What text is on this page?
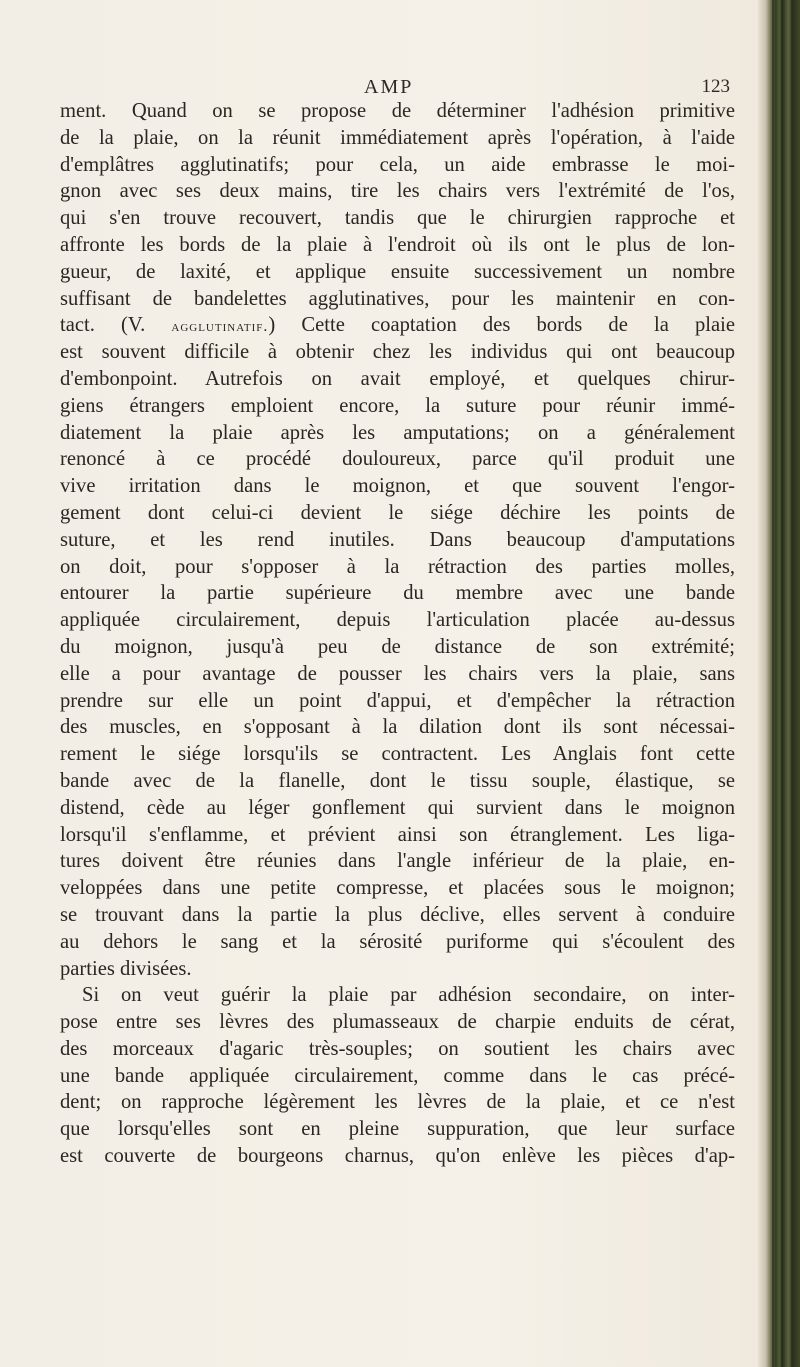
AMP	123
ment. Quand on se propose de déterminer l'adhésion primitive
de la plaie, on la réunit immédiatement après l'opération, à l'aide
d'emplâtres agglutinatifs; pour cela, un aide embrasse le moi-
gnon avec ses deux mains, tire les chairs vers l'extrémité de l'os,
qui s'en trouve recouvert, tandis que le chirurgien rapproche et
affronte les bords de la plaie à l'endroit où ils ont le plus de lon-
gueur, de laxité, et applique ensuite successivement un nombre
suffisant de bandelettes agglutinatives, pour les maintenir en con-
tact. (V. agglutinatif.) Cette coaptation des bords de la plaie
est souvent difficile à obtenir chez les individus qui ont beaucoup
d'embonpoint. Autrefois on avait employé, et quelques chirur-
giens étrangers emploient encore, la suture pour réunir immé-
diatement la plaie après les amputations; on a généralement
renoncé à ce procédé douloureux, parce qu'il produit une
vive irritation dans le moignon, et que souvent l'engor-
gement dont celui-ci devient le siége déchire les points de
suture, et les rend inutiles. Dans beaucoup d'amputations
on doit, pour s'opposer à la rétraction des parties molles,
entourer la partie supérieure du membre avec une bande
appliquée circulairement, depuis l'articulation placée au-dessus
du moignon, jusqu'à peu de distance de son extrémité;
elle a pour avantage de pousser les chairs vers la plaie, sans
prendre sur elle un point d'appui, et d'empêcher la rétraction
des muscles, en s'opposant à la dilation dont ils sont nécessai-
rement le siége lorsqu'ils se contractent. Les Anglais font cette
bande avec de la flanelle, dont le tissu souple, élastique, se
distend, cède au léger gonflement qui survient dans le moignon
lorsqu'il s'enflamme, et prévient ainsi son étranglement. Les liga-
tures doivent être réunies dans l'angle inférieur de la plaie, en-
veloppées dans une petite compresse, et placées sous le moignon;
se trouvant dans la partie la plus déclive, elles servent à conduire
au dehors le sang et la sérosité puriforme qui s'écoulent des
parties divisées.
Si on veut guérir la plaie par adhésion secondaire, on inter-
pose entre ses lèvres des plumasseaux de charpie enduits de cérat,
des morceaux d'agaric très-souples; on soutient les chairs avec
une bande appliquée circulairement, comme dans le cas précé-
dent; on rapproche légèrement les lèvres de la plaie, et ce n'est
que lorsqu'elles sont en pleine suppuration, que leur surface
est couverte de bourgeons charnus, qu'on enlève les pièces d'ap-
